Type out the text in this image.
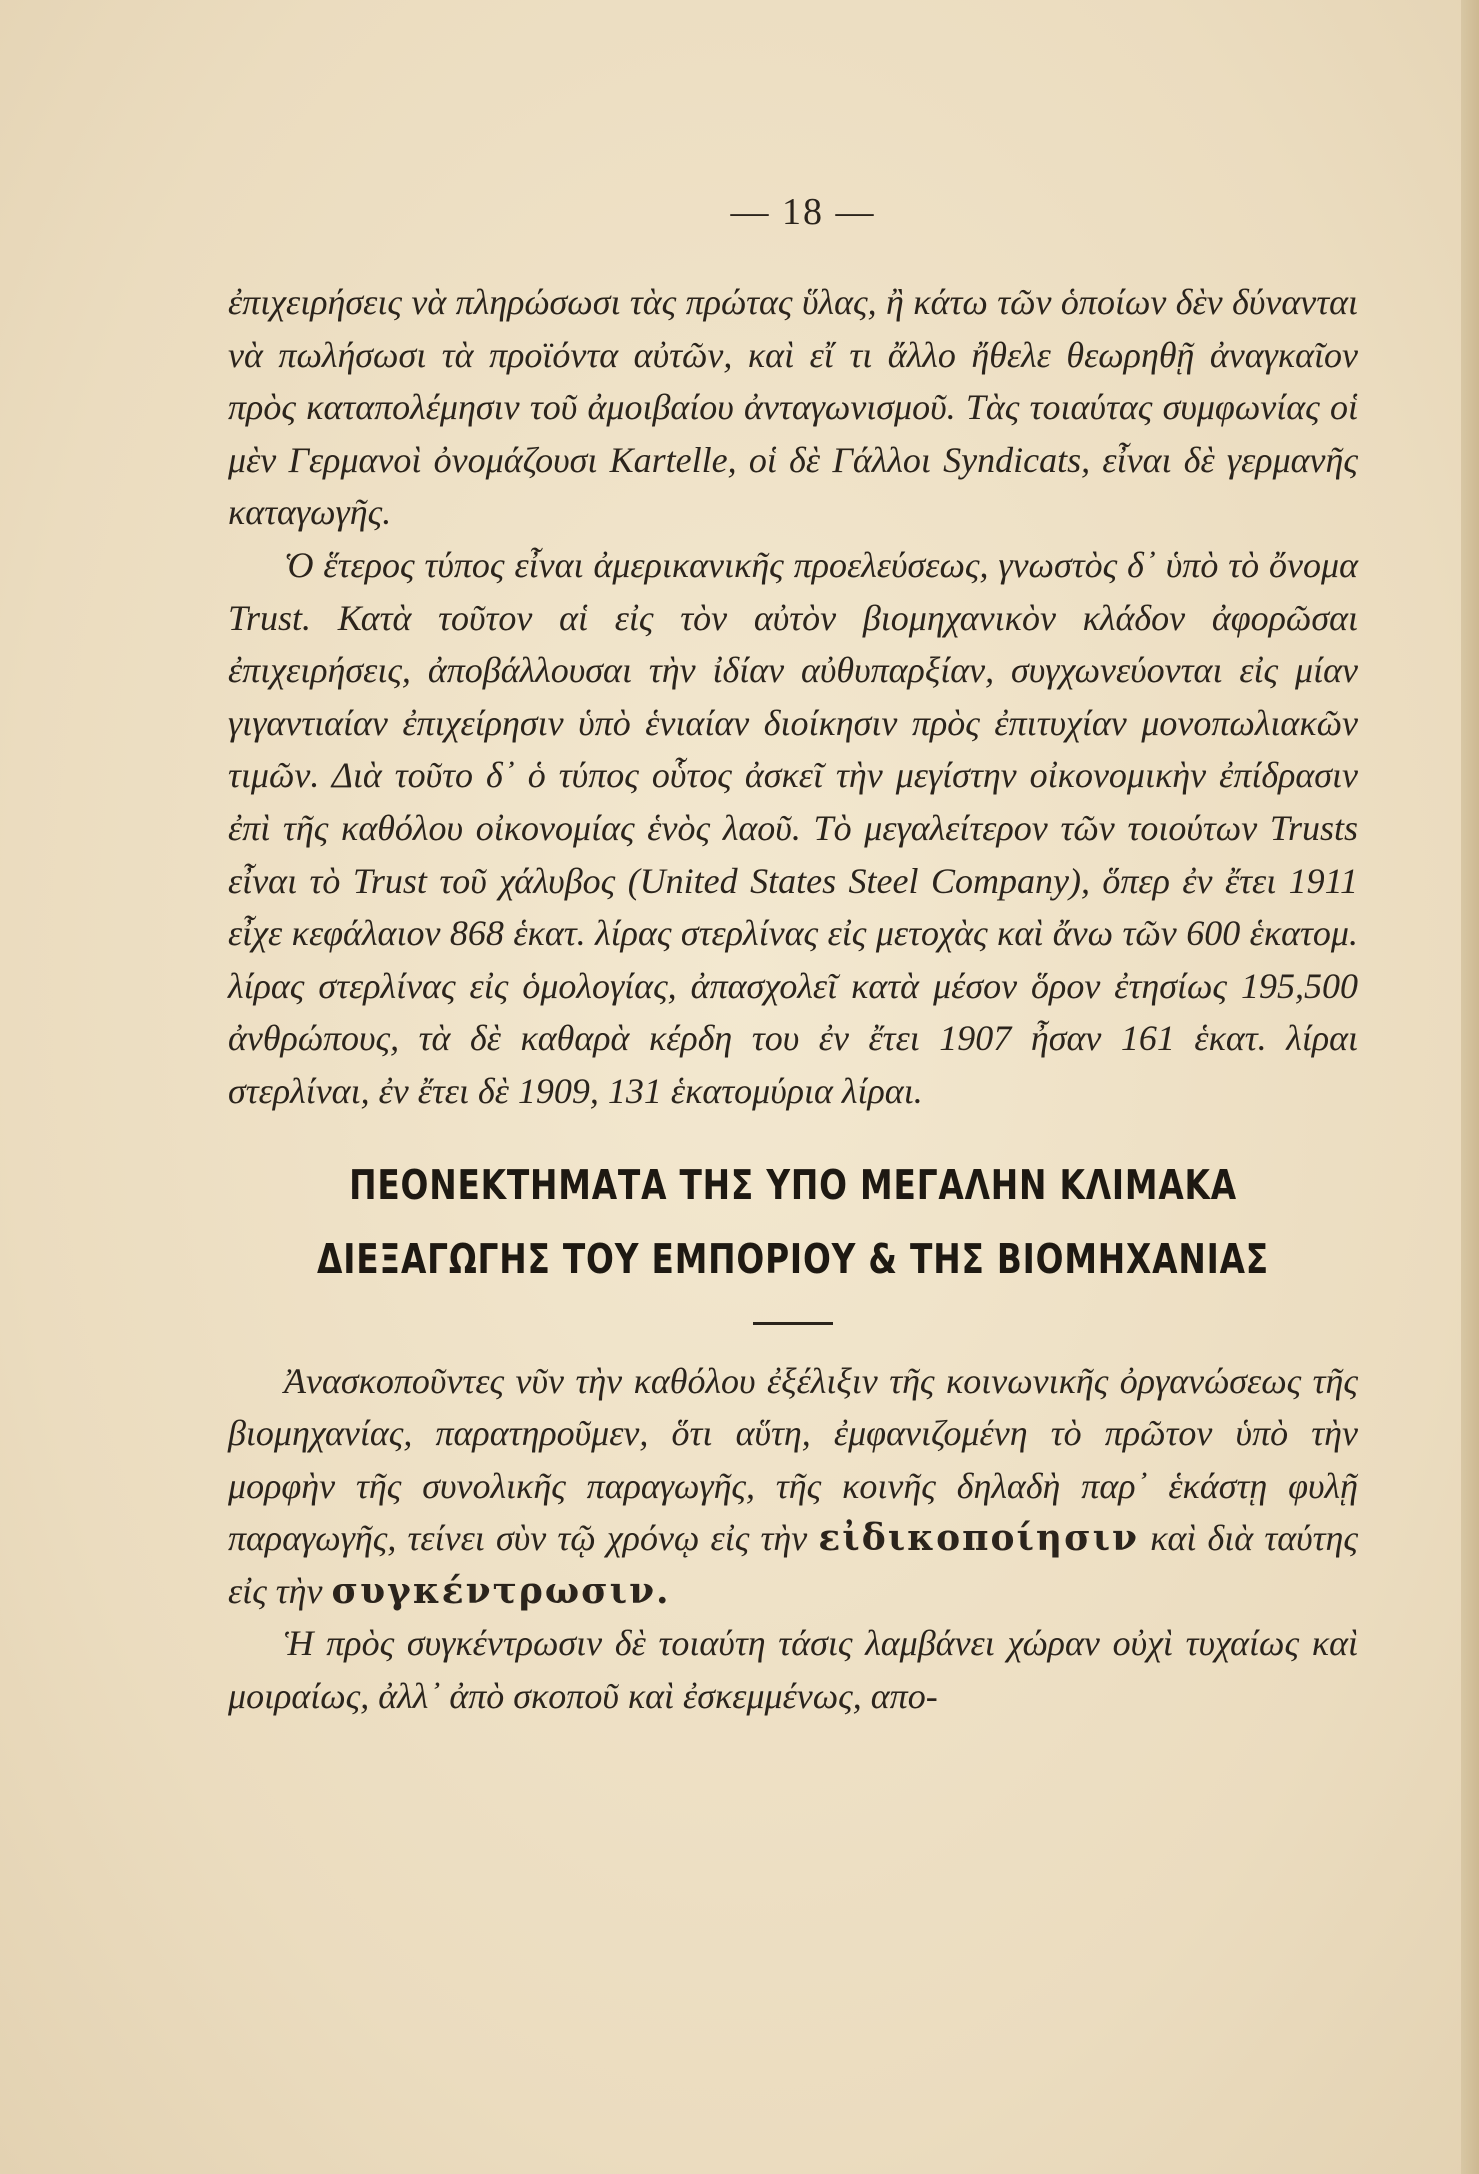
— 18 —

ἐπιχειρήσεις νὰ πληρώσωσι τὰς πρώτας ὕλας, ἢ κάτω τῶν ὁποίων δὲν δύνανται νὰ πωλήσωσι τὰ προϊόντα αὐτῶν, καὶ εἴ τι ἄλλο ἤθελε θεωρηθῇ ἀναγκαῖον πρὸς καταπολέμησιν τοῦ ἀμοιβαίου ἀνταγωνισμοῦ. Τὰς τοιαύτας συμφωνίας οἱ μὲν Γερμανοὶ ὀνομάζουσι Kartelle, οἱ δὲ Γάλλοι Syndicats, εἶναι δὲ γερμανῆς καταγωγῆς.

Ὁ ἕτερος τύπος εἶναι ἀμερικανικῆς προελεύσεως, γνωστὸς δ᾽ ὑπὸ τὸ ὄνομα Trust. Κατὰ τοῦτον αἱ εἰς τὸν αὐτὸν βιομηχανικὸν κλάδον ἀφορῶσαι ἐπιχειρήσεις, ἀποβάλλουσαι τὴν ἰδίαν αὐθυπαρξίαν, συγχωνεύονται εἰς μίαν γιγαντιαίαν ἐπιχείρησιν ὑπὸ ἑνιαίαν διοίκησιν πρὸς ἐπιτυχίαν μονοπωλιακῶν τιμῶν. Διὰ τοῦτο δ᾽ ὁ τύπος οὗτος ἀσκεῖ τὴν μεγίστην οἰκονομικὴν ἐπίδρασιν ἐπὶ τῆς καθόλου οἰκονομίας ἑνὸς λαοῦ. Τὸ μεγαλείτερον τῶν τοιούτων Trusts εἶναι τὸ Trust τοῦ χάλυβος (United States Steel Company), ὅπερ ἐν ἔτει 1911 εἶχε κεφάλαιον 868 ἑκατ. λίρας στερλίνας εἰς μετοχὰς καὶ ἄνω τῶν 600 ἑκατομ. λίρας στερλίνας εἰς ὁμολογίας, ἀπασχολεῖ κατὰ μέσον ὅρον ἐτησίως 195,500 ἀνθρώπους, τὰ δὲ καθαρὰ κέρδη του ἐν ἔτει 1907 ἦσαν 161 ἑκατ. λίραι στερλίναι, ἐν ἔτει δὲ 1909, 131 ἑκατομύρια λίραι.

ΠΕΟΝΕΚΤΗΜΑΤΑ ΤΗΣ ΥΠΟ ΜΕΓΑΛΗΝ ΚΛΙΜΑΚΑ
ΔΙΕΞΑΓΩΓΗΣ ΤΟΥ ΕΜΠΟΡΙΟΥ & ΤΗΣ ΒΙΟΜΗΧΑΝΙΑΣ

Ἀνασκοποῦντες νῦν τὴν καθόλου ἐξέλιξιν τῆς κοινωνικῆς ὀργανώσεως τῆς βιομηχανίας, παρατηροῦμεν, ὅτι αὕτη, ἐμφανιζομένη τὸ πρῶτον ὑπὸ τὴν μορφὴν τῆς συνολικῆς παραγωγῆς, τῆς κοινῆς δηλαδὴ παρ᾽ ἑκάστῃ φυλῇ παραγωγῆς, τείνει σὺν τῷ χρόνῳ εἰς τὴν εἰδικοποίησιν καὶ διὰ ταύτης εἰς τὴν συγκέντρωσιν.

Ἡ πρὸς συγκέντρωσιν δὲ τοιαύτη τάσις λαμβάνει χώραν οὐχὶ τυχαίως καὶ μοιραίως, ἀλλ᾽ ἀπὸ σκοποῦ καὶ ἐσκεμμένως, απο-
